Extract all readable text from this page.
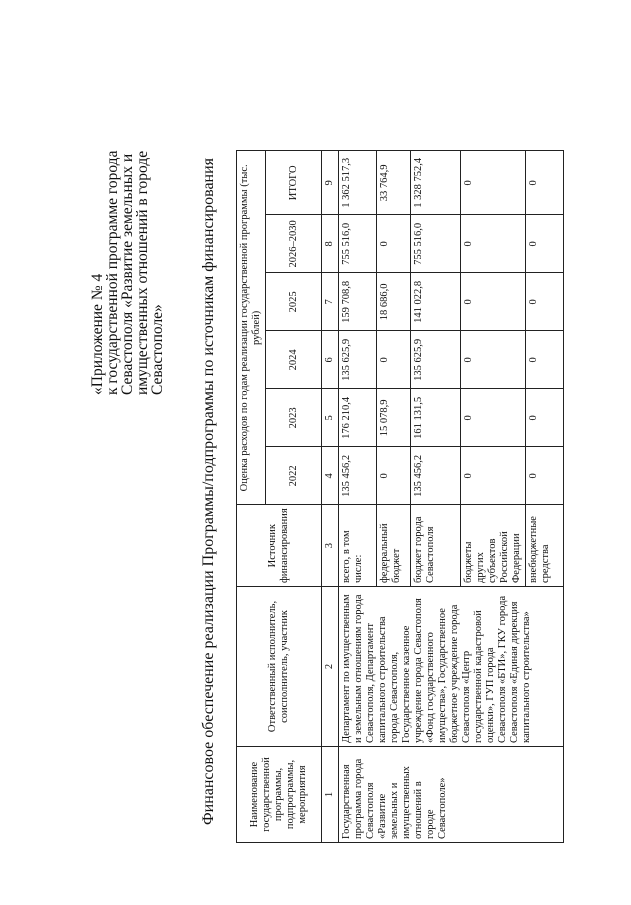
«Приложение № 4
к государственной программе города
Севастополя «Развитие земельных и
имущественных отношений в городе
Севастополе» Финансовое обеспечение реализации Программы/подпрограммы по источникам финансирования	Наименование государственной программы, подпрограммы, мероприятия	Ответственный исполнитель, соисполнитель, участник	Источник финансирования	Оценка расходов по годам реализации государственной программы (тыс. рублей)					
			2022	2023	2024	2025	2026–2030	ИТОГО
1	2	3	4	5	6	7	8	9
Государственная программа города Севастополя «Развитие земельных и имущественных отношений в городе Севастополе»	Департамент по имущественным и земельным отношениям города Севастополя, Департамент капитального строительства города Севастополя, Государственное казенное учреждение города Севастополя «Фонд государственного имущества», Государственное бюджетное учреждение города Севастополя «Центр государственной кадастровой оценки», ГУП города Севастополя «БТИ», ГКУ города Севастополя «Единая дирекция капитального строительства»	всего, в том числе:	135 456,2	176 210,4	135 625,9	159 708,8	755 516,0	1 362 517,3
		федеральный бюджет	0	15 078,9	0	18 686,0	0	33 764,9
		бюджет города Севастополя	135 456,2	161 131,5	135 625,9	141 022,8	755 516,0	1 328 752,4
		бюджеты других субъектов Российской Федерации	0	0	0	0	0	0
		внебюджетные средства	0	0	0	0	0	0
